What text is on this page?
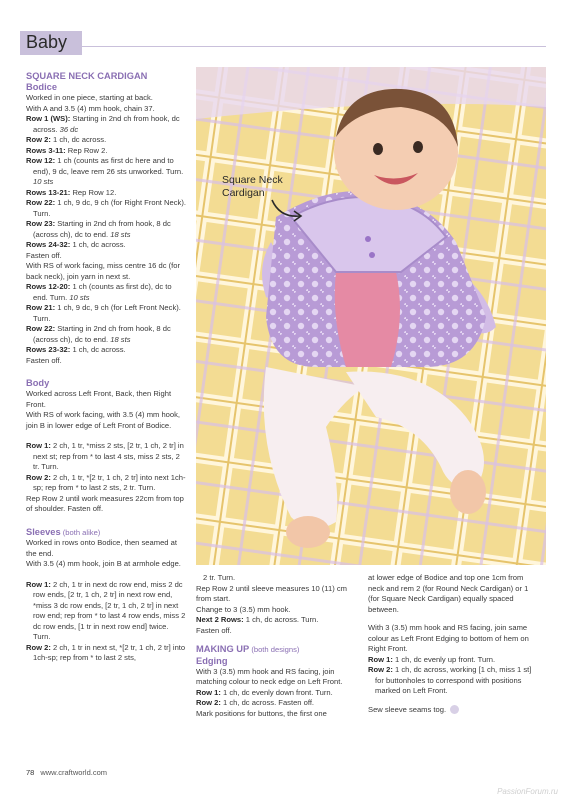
Baby

SQUARE NECK CARDIGAN

Bodice

Worked in one piece, starting at back.

With A and 3.5 (4) mm hook, chain 37.

Row 1 (WS): Starting in 2nd ch from hook, dc across. 36 dc

Row 2: 1 ch, dc across.

Rows 3-11: Rep Row 2.

Row 12: 1 ch (counts as first dc here and to end), 9 dc, leave rem 26 sts unworked. Turn. 10 sts

Rows 13-21: Rep Row 12.

Row 22: 1 ch, 9 dc, 9 ch (for Right Front Neck). Turn.
Row 23: Starting in 2nd ch from hook, 8 dc (across ch), dc to end. 18 sts

Rows 24-32: 1 ch, dc across.

Fasten off.

With RS of work facing, miss centre 16 dc (for back neck), join yarn in next st.

Rows 12-20: 1 ch (counts as first dc), dc to end. Turn. 10 sts
Row 21: 1 ch, 9 dc, 9 ch (for Left Front Neck). Turn.
Row 22: Starting in 2nd ch from hook, 8 dc (across ch), dc to end. 18 sts

Rows 23-32: 1 ch, dc across.

Fasten off.

Body

Worked across Left Front, Back, then Right Front.

With RS of work facing, with 3.5 (4) mm hook, join B in lower edge of Left Front of Bodice.

Row 1: 2 ch, 1 tr, *miss 2 sts, [2 tr, 1 ch, 2 tr] in next st; rep from * to last 4 sts, miss 2 sts, 2 tr. Turn.
Row 2: 2 ch, 1 tr, *[2 tr, 1 ch, 2 tr] into next 1ch- sp; rep from * to last 2 sts, 2 tr. Turn.

Rep Row 2 until work measures 22cm from top of shoulder. Fasten off.

Sleeves (both alike)

Worked in rows onto Bodice, then seamed at the end.

With 3.5 (4) mm hook, join B at armhole edge.

Row 1: 2 ch, 1 tr in next dc row end, miss 2 dc row ends, [2 tr, 1 ch, 2 tr] in next row end, *miss 3 dc row ends, [2 tr, 1 ch, 2 tr] in next row end; rep from * to last 4 row ends, miss 2 dc row ends, [1 tr in next row end] twice. Turn.
Row 2: 2 ch, 1 tr in next st, *[2 tr, 1 ch, 2 tr] into 1ch-sp; rep from * to last 2 sts,
Square Neck
Cardigan

2 tr. Turn.

Rep Row 2 until sleeve measures 10 (11) cm from start.

Change to 3 (3.5) mm hook.

Next 2 Rows: 1 ch, dc across. Turn.

Fasten off.

MAKING UP (both designs)

Edging

With 3 (3.5) mm hook and RS facing, join matching colour to neck edge on Left Front.

Row 1: 1 ch, dc evenly down front. Turn.

Row 2: 1 ch, dc across. Fasten off.

Mark positions for buttons, the first one

at lower edge of Bodice and top one 1cm from neck and rem 2 (for Round Neck Cardigan) or 1 (for Square Neck Cardigan) equally spaced between.

With 3 (3.5) mm hook and RS facing, join same colour as Left Front Edging to bottom of hem on Right Front.

Row 1: 1 ch, dc evenly up front. Turn.

Row 2: 1 ch, dc across, working [1 ch, miss 1 st] for buttonholes to correspond with positions marked on Left Front.

Sew sleeve seams tog.

78 www.craftworld.com
PassionForum.ru
